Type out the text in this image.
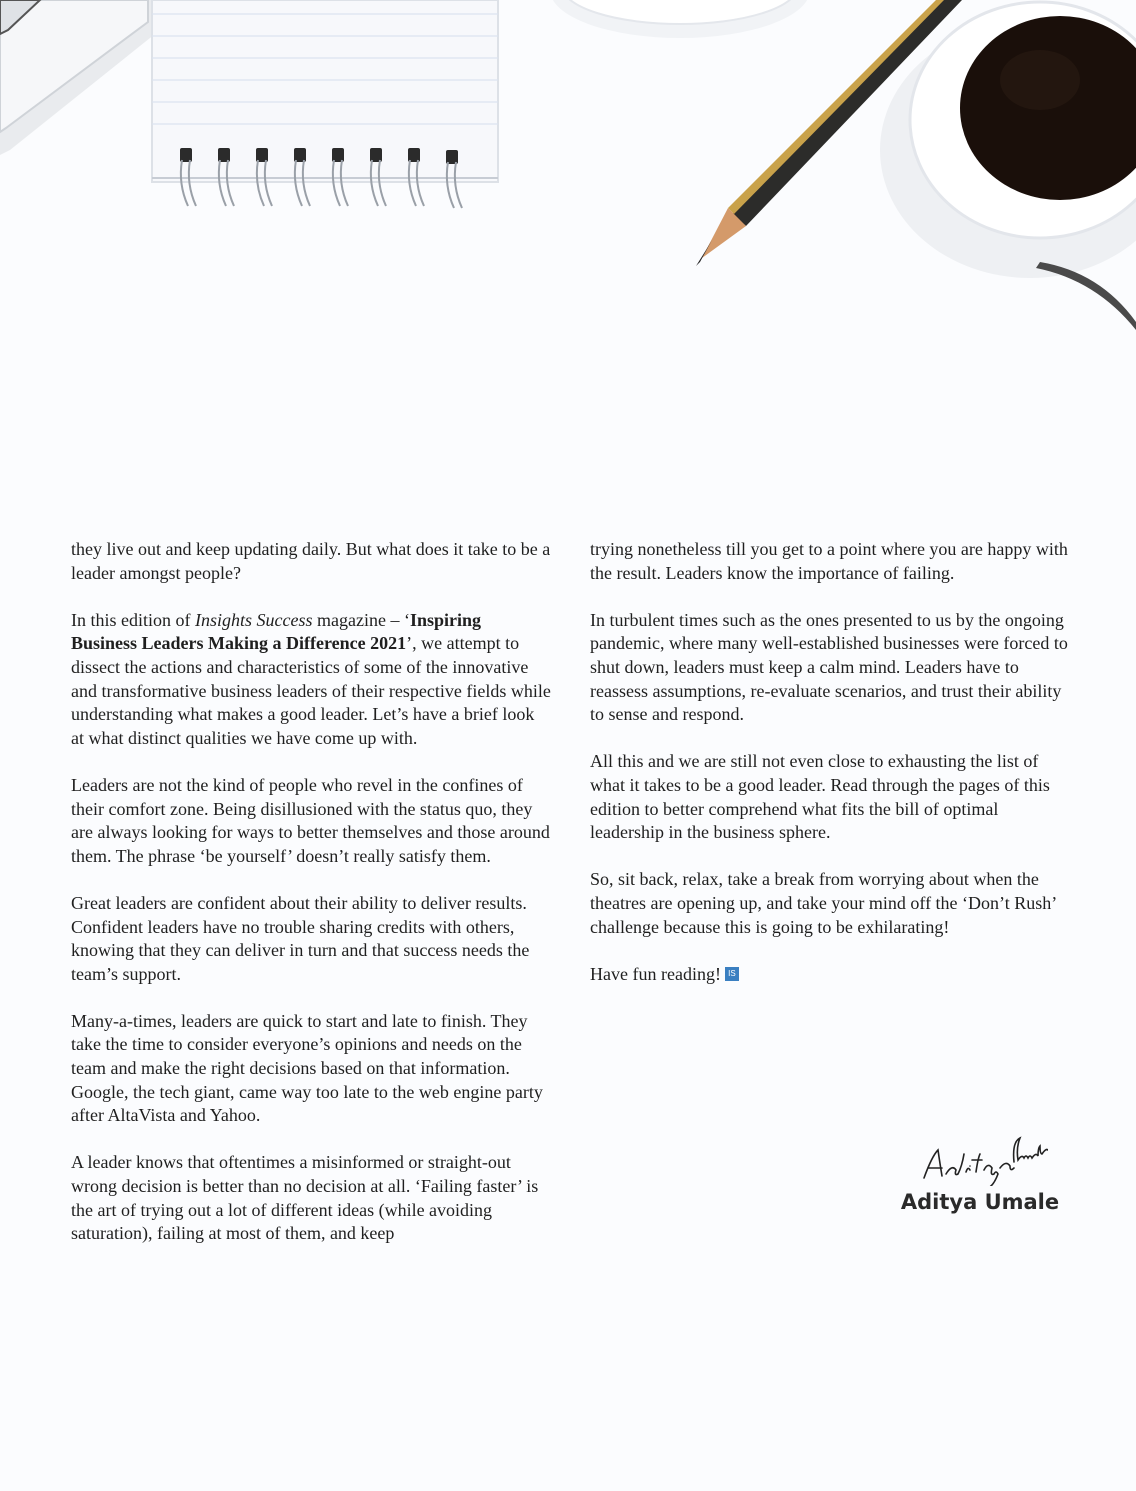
they live out and keep updating daily. But what does it take to be a leader amongst people?

In this edition of Insights Success magazine – ‘Inspiring Business Leaders Making a Difference 2021’, we attempt to dissect the actions and characteristics of some of the innovative and transformative business leaders of their respective fields while understanding what makes a good leader. Let’s have a brief look at what distinct qualities we have come up with.

Leaders are not the kind of people who revel in the confines of their comfort zone. Being disillusioned with the status quo, they are always looking for ways to better themselves and those around them. The phrase ‘be yourself’ doesn’t really satisfy them.

Great leaders are confident about their ability to deliver results. Confident leaders have no trouble sharing credits with others, knowing that they can deliver in turn and that success needs the team’s support.

Many-a-times, leaders are quick to start and late to finish. They take the time to consider everyone’s opinions and needs on the team and make the right decisions based on that information. Google, the tech giant, came way too late to the web engine party after AltaVista and Yahoo.

A leader knows that oftentimes a misinformed or straight-out wrong decision is better than no decision at all. ‘Failing faster’ is the art of trying out a lot of different ideas (while avoiding saturation), failing at most of them, and keep

trying nonetheless till you get to a point where you are happy with the result. Leaders know the importance of failing.

In turbulent times such as the ones presented to us by the ongoing pandemic, where many well-established businesses were forced to shut down, leaders must keep a calm mind. Leaders have to reassess assumptions, re-evaluate scenarios, and trust their ability to sense and respond.

All this and we are still not even close to exhausting the list of what it takes to be a good leader. Read through the pages of this edition to better comprehend what fits the bill of optimal leadership in the business sphere.

So, sit back, relax, take a break from worrying about when the theatres are opening up, and take your mind off the ‘Don’t Rush’ challenge because this is going to be exhilarating!

Have fun reading! IS

Aditya Umale
